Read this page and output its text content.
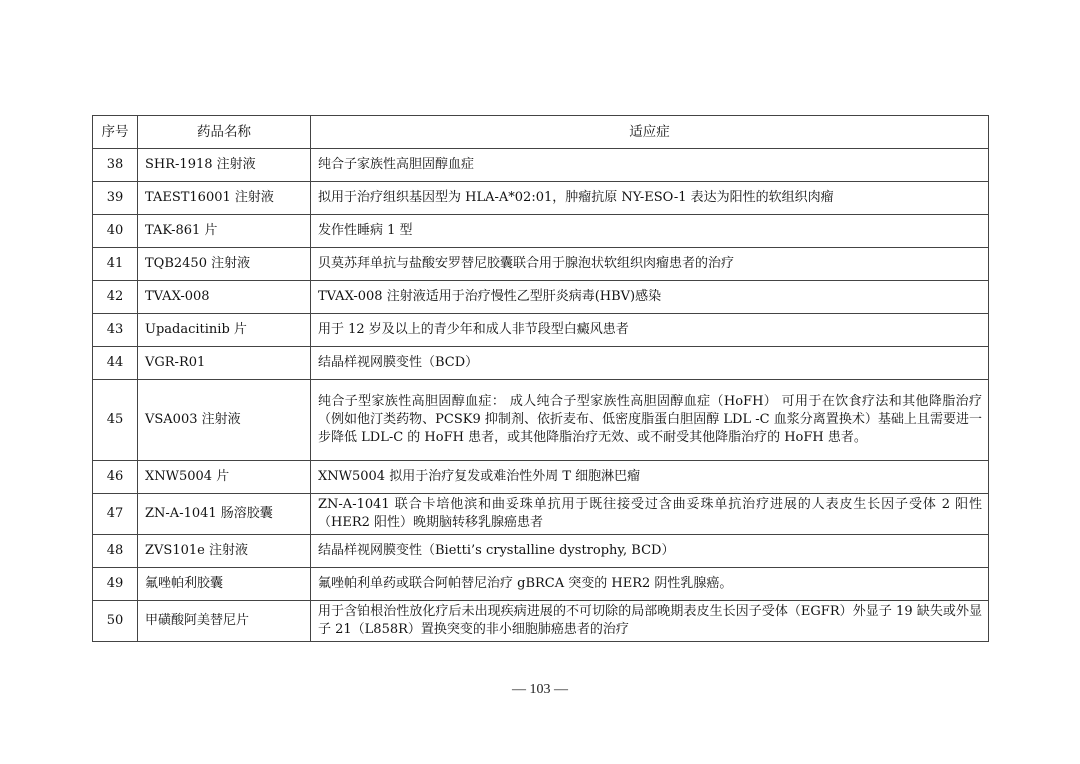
序号	药品名称	适应症
38	SHR-1918 注射液	纯合子家族性高胆固醇血症
39	TAEST16001 注射液	拟用于治疗组织基因型为 HLA-A*02:01，肿瘤抗原 NY-ESO-1 表达为阳性的软组织肉瘤
40	TAK-861 片	发作性睡病 1 型
41	TQB2450 注射液	贝莫苏拜单抗与盐酸安罗替尼胶囊联合用于腺泡状软组织肉瘤患者的治疗
42	TVAX-008	TVAX-008 注射液适用于治疗慢性乙型肝炎病毒(HBV)感染
43	Upadacitinib 片	用于 12 岁及以上的青少年和成人非节段型白癜风患者
44	VGR-R01	结晶样视网膜变性（BCD）
45	VSA003 注射液	纯合子型家族性高胆固醇血症： 成人纯合子型家族性高胆固醇血症（HoFH） 可用于在饮食疗法和其他降脂治疗（例如他汀类药物、PCSK9 抑制剂、依折麦布、低密度脂蛋白胆固醇 LDL -C 血浆分离置换术）基础上且需要进一步降低 LDL-C 的 HoFH 患者，或其他降脂治疗无效、或不耐受其他降脂治疗的 HoFH 患者。
46	XNW5004 片	XNW5004 拟用于治疗复发或难治性外周 T 细胞淋巴瘤
47	ZN-A-1041 肠溶胶囊	ZN-A-1041 联合卡培他滨和曲妥珠单抗用于既往接受过含曲妥珠单抗治疗进展的人表皮生长因子受体 2 阳性（HER2 阳性）晚期脑转移乳腺癌患者
48	ZVS101e 注射液	结晶样视网膜变性（Bietti’s crystalline dystrophy, BCD）
49	氟唑帕利胶囊	氟唑帕利单药或联合阿帕替尼治疗 gBRCA 突变的 HER2 阴性乳腺癌。
50	甲磺酸阿美替尼片	用于含铂根治性放化疗后未出现疾病进展的不可切除的局部晚期表皮生长因子受体（EGFR）外显子 19 缺失或外显子 21（L858R）置换突变的非小细胞肺癌患者的治疗
— 103 —
